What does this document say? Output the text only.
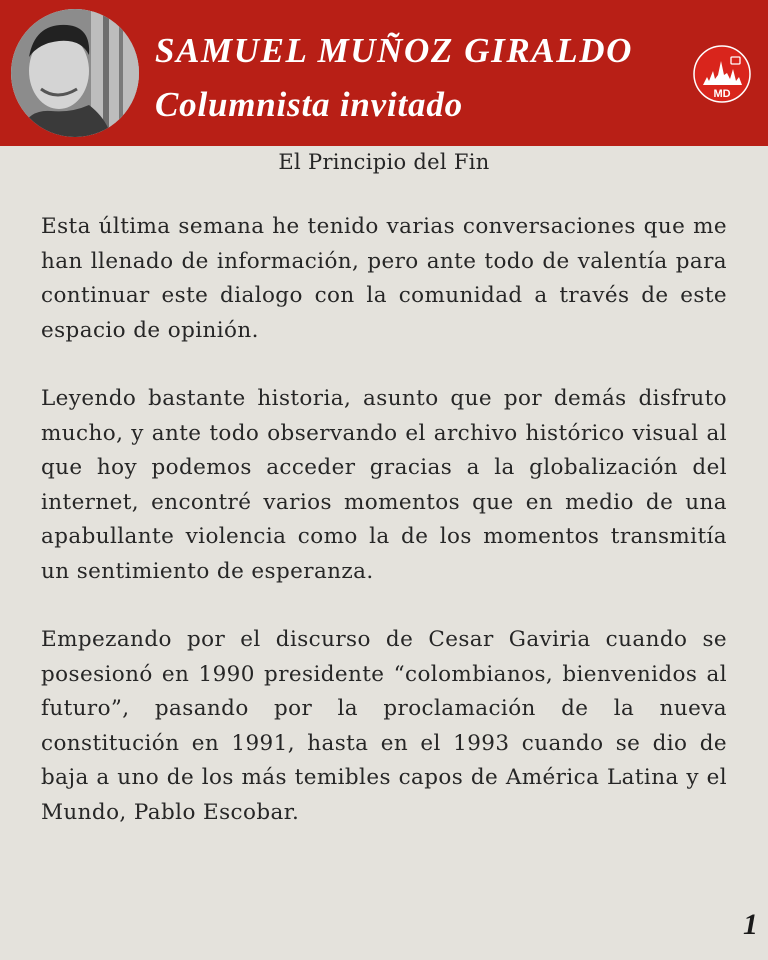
SAMUEL MUÑOZ GIRALDO
Columnista invitado	MD
El Principio del Fin

Esta última semana he tenido varias conversaciones que me han llenado de información, pero ante todo de valentía para continuar este dialogo con la comunidad a través de este espacio de opinión.

Leyendo bastante historia, asunto que por demás disfruto mucho, y ante todo observando el archivo histórico visual al que hoy podemos acceder gracias a la globalización del internet, encontré varios momentos que en medio de una apabullante violencia como la de los momentos transmitía un sentimiento de esperanza.

Empezando por el discurso de Cesar Gaviria cuando se posesionó en 1990 presidente “colombianos, bienvenidos al futuro”, pasando por la proclamación de la nueva constitución en 1991, hasta en el 1993 cuando se dio de baja a uno de los más temibles capos de América Latina y el Mundo, Pablo Escobar.

1
